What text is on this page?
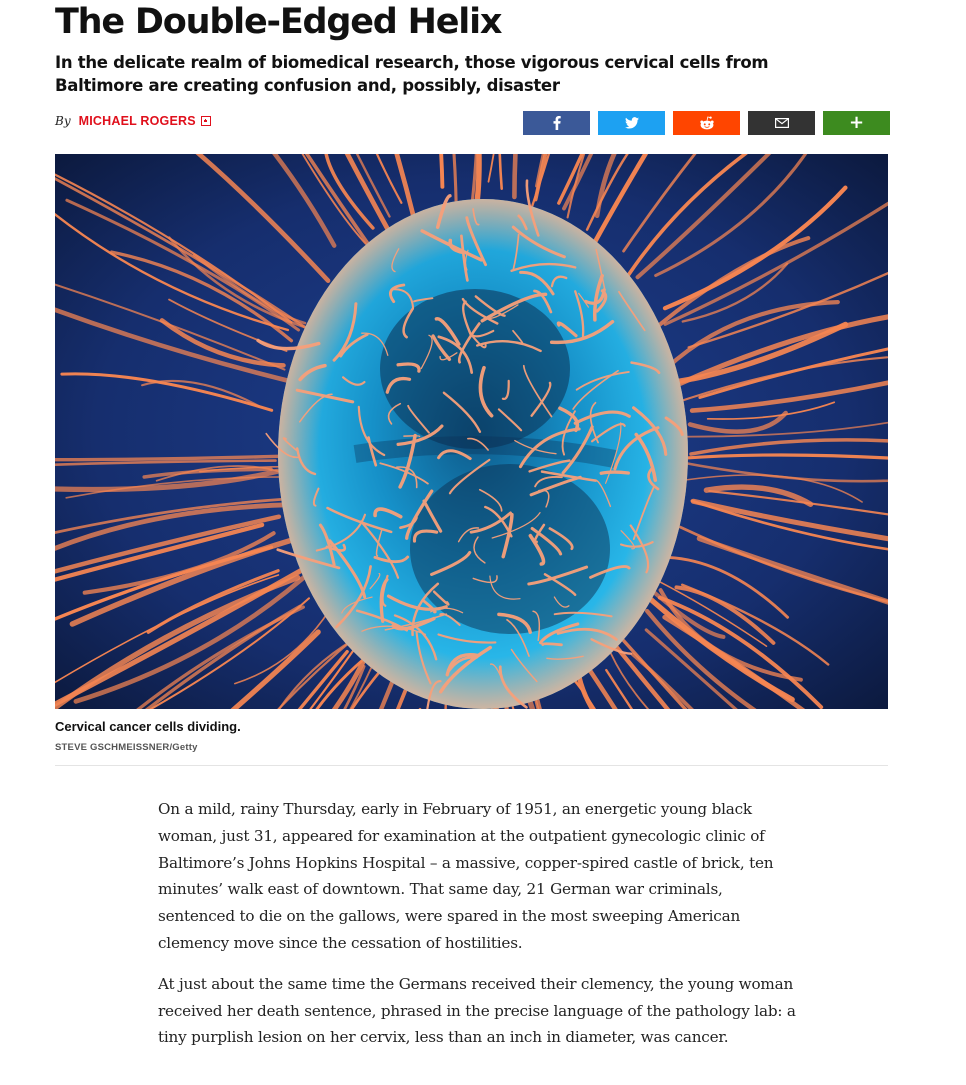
The Double-Edged Helix
In the delicate realm of biomedical research, those vigorous cervical cells from Baltimore are creating confusion and, possibly, disaster
By MICHAEL ROGERS	+
Cervical cancer cells dividing.
STEVE GSCHMEISSNER/Getty

On a mild, rainy Thursday, early in February of 1951, an energetic young black woman, just 31, appeared for examination at the outpatient gynecologic clinic of Baltimore’s Johns Hopkins Hospital – a massive, copper-spired castle of brick, ten minutes’ walk east of downtown. That same day, 21 German war criminals, sentenced to die on the gallows, were spared in the most sweeping American clemency move since the cessation of hostilities.

At just about the same time the Germans received their clemency, the young woman received her death sentence, phrased in the precise language of the pathology lab: a tiny purplish lesion on her cervix, less than an inch in diameter, was cancer.
